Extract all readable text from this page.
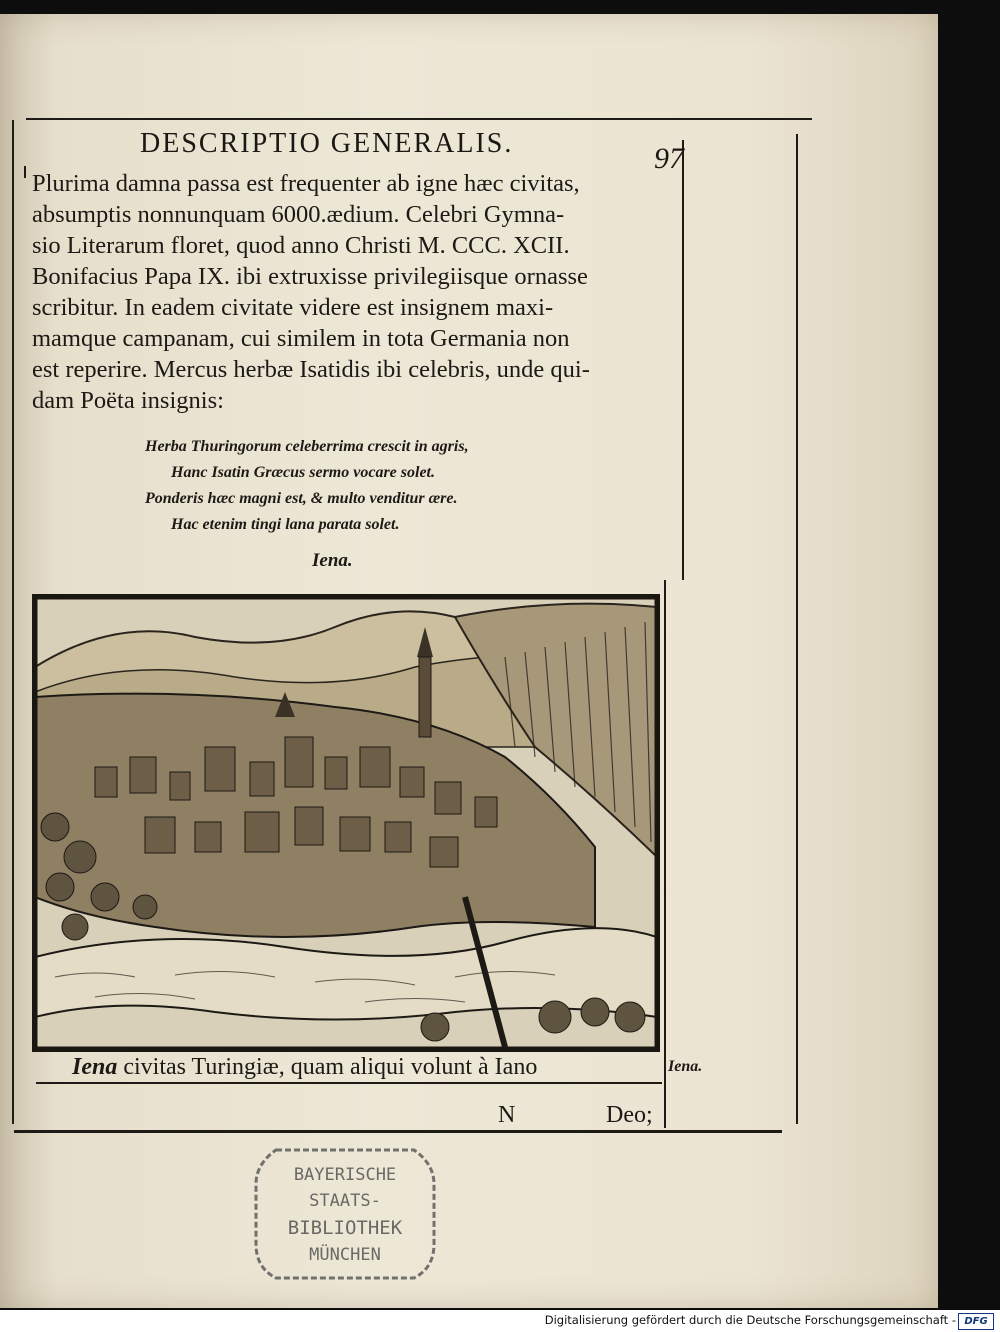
DESCRIPTIO GENERALIS.	97
Plurima damna passa est frequenter ab igne hæc civitas,
absumptis nonnunquam 6000.ædium. Celebri Gymna-
sio Literarum floret, quod anno Christi M. CCC. XCII.
Bonifacius Papa IX. ibi extruxisse privilegiisque ornasse
scribitur. In eadem civitate videre est insignem maxi-
mamque campanam, cui similem in tota Germania non
est reperire. Mercus herbæ Isatidis ibi celebris, unde qui-
dam Poëta insignis:
Herba Thuringorum celeberrima crescit in agris,
Hanc Isatin Græcus sermo vocare solet.
Ponderis hæc magni est, & multo venditur ære.
Hac etenim tingi lana parata solet.
Iena.
Iena civitas Turingiæ, quam aliqui volunt à Iano	Iena.
N	Deo;
BAYERISCHE
STAATS-
BIBLIOTHEK
MÜNCHEN
Digitalisierung gefördert durch die Deutsche Forschungsgemeinschaft - DFG
